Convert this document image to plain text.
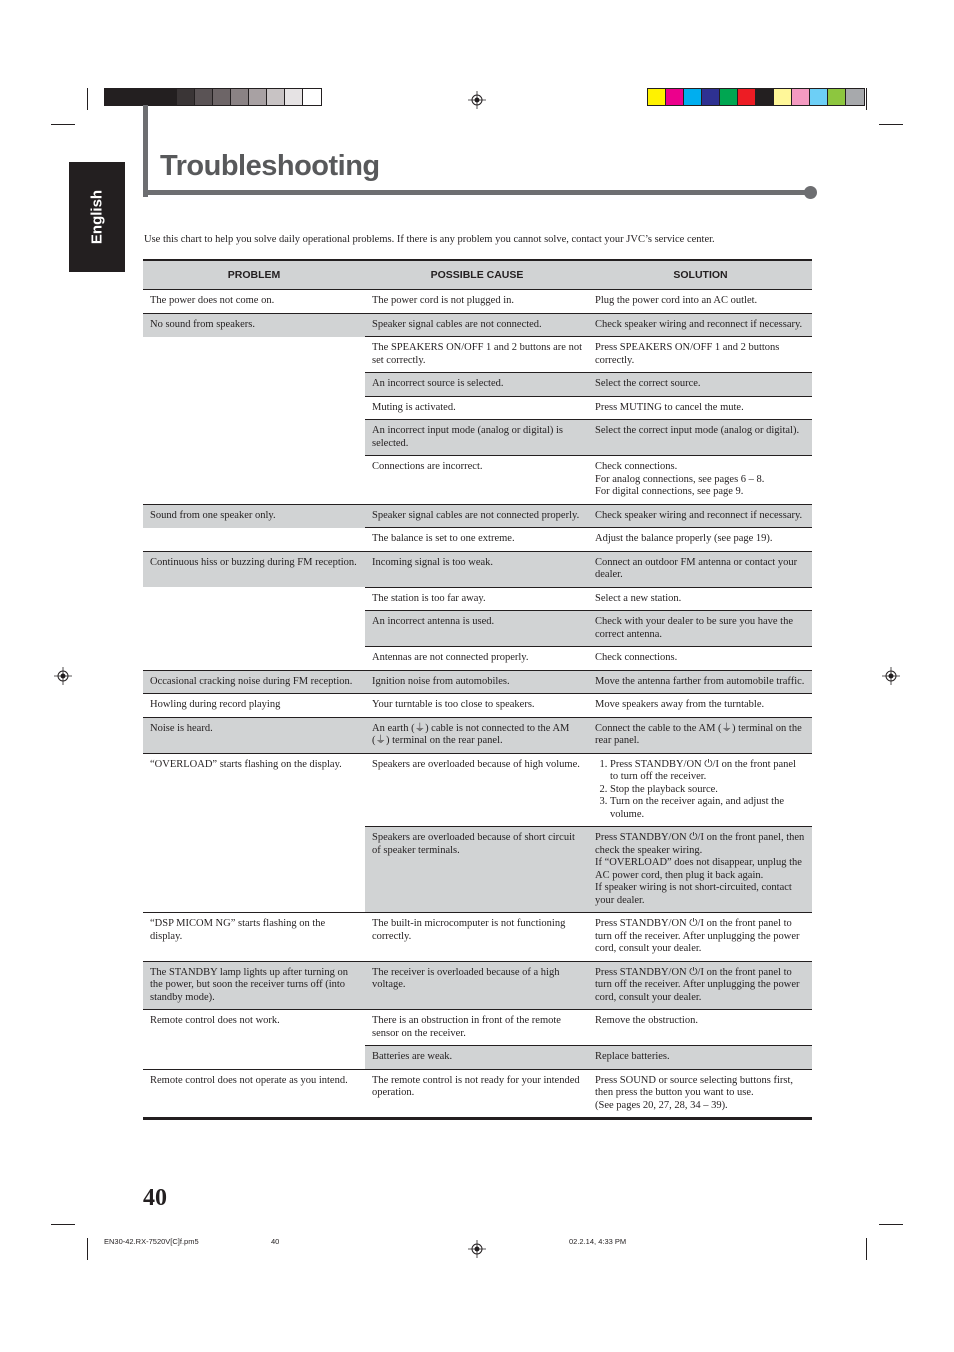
English
Troubleshooting

Use this chart to help you solve daily operational problems. If there is any problem you cannot solve, contact your JVC’s service center.

PROBLEM	POSSIBLE CAUSE	SOLUTION
The power does not come on.	The power cord is not plugged in.	Plug the power cord into an AC outlet.
No sound from speakers.	Speaker signal cables are not connected.	Check speaker wiring and reconnect if necessary.
The SPEAKERS ON/OFF 1 and 2 buttons are not set correctly.
Press SPEAKERS ON/OFF 1 and 2 buttons correctly.
An incorrect source is selected.	Select the correct source.
Muting is activated.	Press MUTING to cancel the mute.
An incorrect input mode (analog or digital) is selected.
Select the correct input mode (analog or digital).
Connections are incorrect.	Check connections.
For analog connections, see pages 6 – 8.
For digital connections, see page 9.
Sound from one speaker only.	Speaker signal cables are not connected properly.	Check speaker wiring and reconnect if necessary.
The balance is set to one extreme.	Adjust the balance properly (see page 19).
Continuous hiss or buzzing during FM reception.	Incoming signal is too weak.	Connect an outdoor FM antenna or contact your dealer.
The station is too far away.	Select a new station.
An incorrect antenna is used.	Check with your dealer to be sure you have the correct antenna.
Antennas are not connected properly.	Check connections.
Occasional cracking noise during FM reception.	Ignition noise from automobiles.	Move the antenna farther from automobile traffic.
Howling during record playing	Your turntable is too close to speakers.	Move speakers away from the turntable.
Noise is heard.	An earth (⏚) cable is not connected to the AM (⏚) terminal on the rear panel.
Connect the cable to the AM (⏚) terminal on the rear panel.
“OVERLOAD” starts flashing on the display.	Speakers are overloaded because of high volume.
1.	Press STANDBY/ON ⏻/I on the front panel to turn off the receiver.
2. Stop the playback source.
3. Turn on the receiver again, and adjust the volume.
Speakers are overloaded because of short circuit of speaker terminals.
Press STANDBY/ON ⏻/I on the front panel, then check the speaker wiring.
If “OVERLOAD” does not disappear, unplug the AC power cord, then plug it back again.
If speaker wiring is not short-circuited, contact your dealer.
“DSP MICOM NG” starts flashing on the display.
The built-in microcomputer is not functioning correctly.
Press STANDBY/ON ⏻/I on the front panel to turn off the receiver. After unplugging the power cord, consult your dealer.
The STANDBY lamp lights up after turning on the power, but soon the receiver turns off (into standby mode).
The receiver is overloaded because of a high voltage.
Press STANDBY/ON ⏻/I on the front panel to turn off the receiver. After unplugging the power cord, consult your dealer.
Remote control does not work.	There is an obstruction in front of the remote sensor on the receiver.
Remove the obstruction.
Batteries are weak.	Replace batteries.
Remote control does not operate as you intend.	The remote control is not ready for your intended operation.
Press SOUND or source selecting buttons first, then press the button you want to use.
(See pages 20, 27, 28, 34 – 39).
40
EN30-42.RX-7520V[C]f.pm5	40	02.2.14, 4:33 PM
